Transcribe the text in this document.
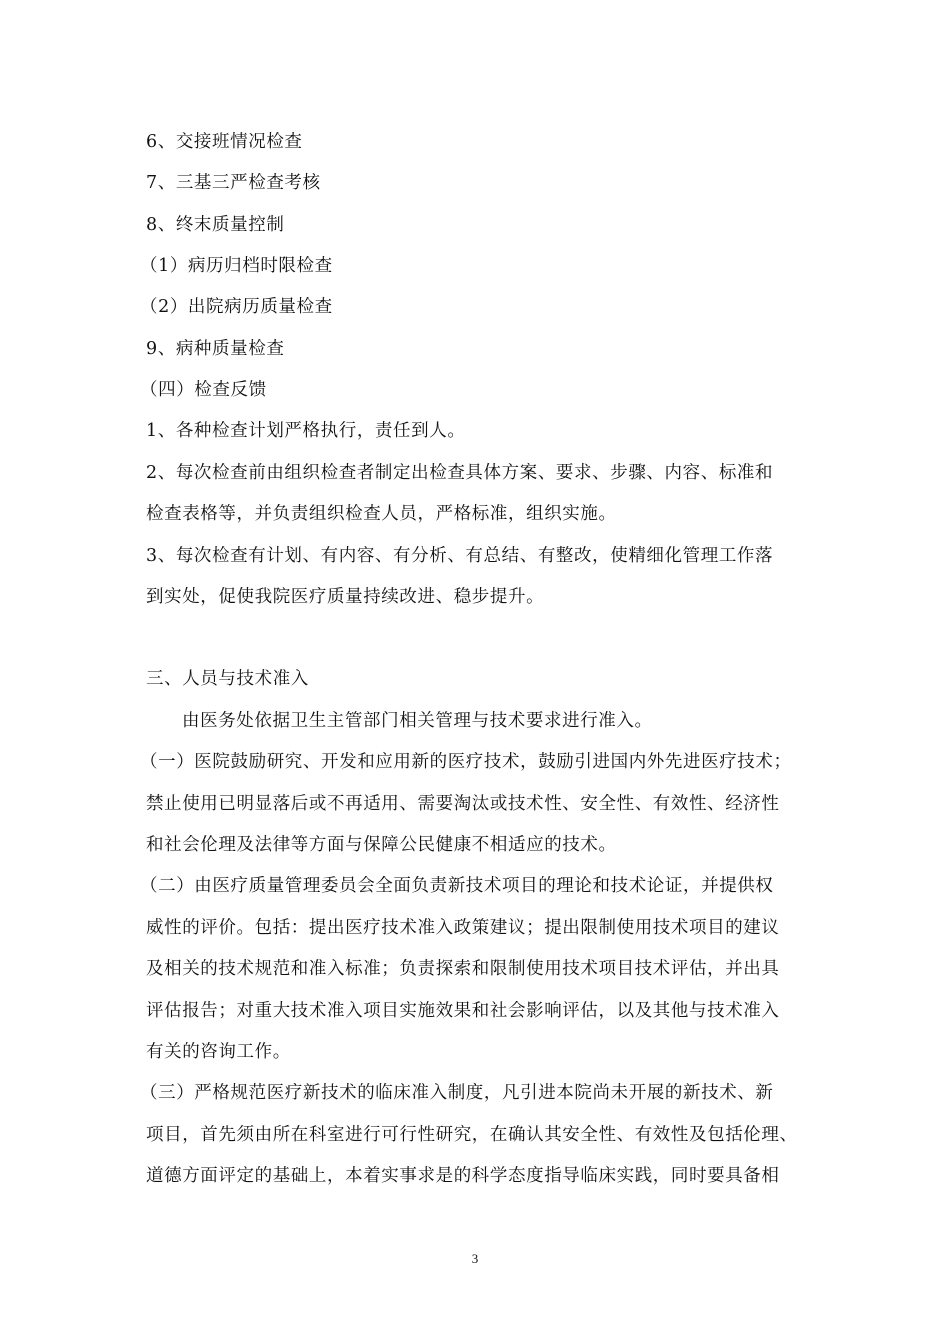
6、交接班情况检查
7、三基三严检查考核
8、终末质量控制
（1）病历归档时限检查
（2）出院病历质量检查
9、病种质量检查
（四）检查反馈
1、各种检查计划严格执行，责任到人。
2、每次检查前由组织检查者制定出检查具体方案、要求、步骤、内容、标准和
检查表格等，并负责组织检查人员，严格标准，组织实施。
3、每次检查有计划、有内容、有分析、有总结、有整改，使精细化管理工作落
到实处，促使我院医疗质量持续改进、稳步提升。
三、人员与技术准入
由医务处依据卫生主管部门相关管理与技术要求进行准入。
（一）医院鼓励研究、开发和应用新的医疗技术，鼓励引进国内外先进医疗技术；
禁止使用已明显落后或不再适用、需要淘汰或技术性、安全性、有效性、经济性
和社会伦理及法律等方面与保障公民健康不相适应的技术。
（二）由医疗质量管理委员会全面负责新技术项目的理论和技术论证，并提供权
威性的评价。包括：提出医疗技术准入政策建议；提出限制使用技术项目的建议
及相关的技术规范和准入标准；负责探索和限制使用技术项目技术评估，并出具
评估报告；对重大技术准入项目实施效果和社会影响评估，以及其他与技术准入
有关的咨询工作。
（三）严格规范医疗新技术的临床准入制度，凡引进本院尚未开展的新技术、新
项目，首先须由所在科室进行可行性研究，在确认其安全性、有效性及包括伦理、
道德方面评定的基础上，本着实事求是的科学态度指导临床实践，同时要具备相
3
